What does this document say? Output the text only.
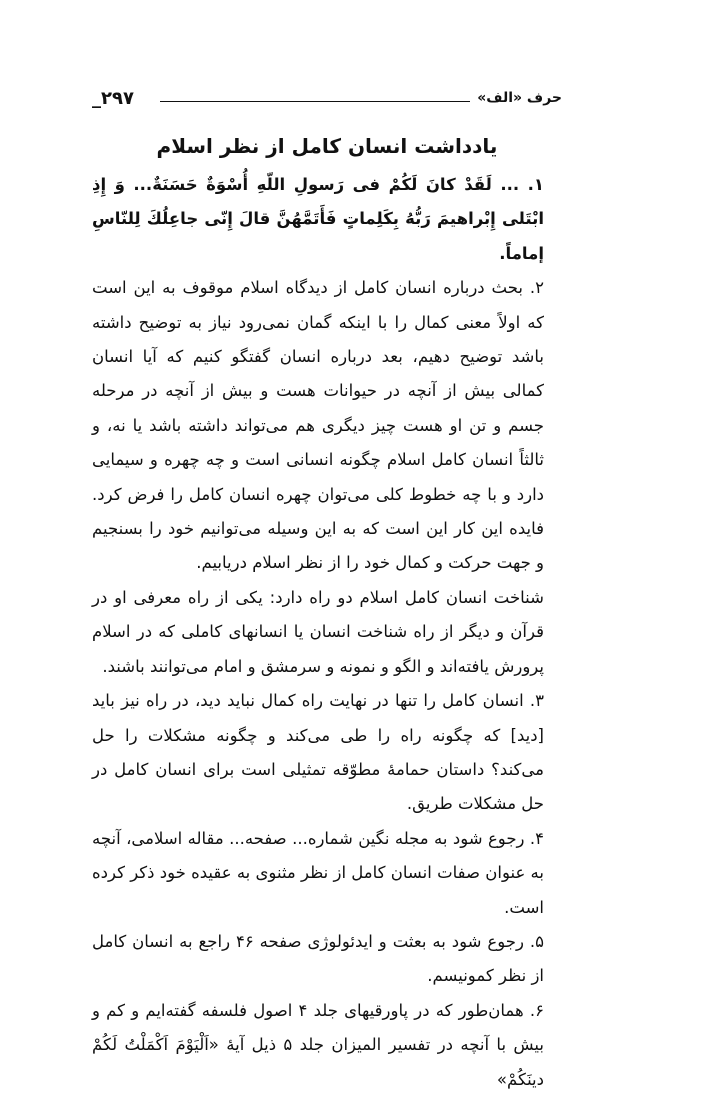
حرف «الف»
_٢٩٧
یادداشت انسان کامل از نظر اسلام

١. ... لَقَدْ كانَ لَكُمْ فی رَسولِ اللّهِ أُسْوَةٌ حَسَنَةٌ... وَ إِذِ ابْتَلى إِبْراهیمَ رَبُّهُ بِكَلِماتٍ فَأَتَمَّهُنَّ قالَ إِنّی جاعِلُكَ لِلنّاسِ إماماً.

٢. بحث درباره انسان کامل از دیدگاه اسلام موقوف به این است که اولاً معنی کمال را با اینکه گمان نمی‌رود نیاز به توضیح داشته باشد توضیح دهیم، بعد درباره انسان گفتگو کنیم که آیا انسان کمالی بیش از آنچه در حیوانات هست و بیش از آنچه در مرحله جسم و تن او هست چیز دیگری هم می‌تواند داشته باشد یا نه، و ثالثاً انسان کامل اسلام چگونه انسانی است و چه چهره و سیمایی دارد و با چه خطوط کلی می‌توان چهره انسان کامل را فرض کرد. فایده این کار این است که به این وسیله می‌توانیم خود را بسنجیم و جهت حرکت و کمال خود را از نظر اسلام دریابیم.

شناخت انسان کامل اسلام دو راه دارد: یکی از راه معرفی او در قرآن و دیگر از راه شناخت انسان یا انسانهای کاملی که در اسلام پرورش یافته‌اند و الگو و نمونه و سرمشق و امام می‌توانند باشند.

٣. انسان کامل را تنها در نهایت راه کمال نباید دید، در راه نیز باید [دید] که چگونه راه را طی می‌کند و چگونه مشکلات را حل می‌کند؟ داستان حمامهٔ مطوّقه تمثیلی است برای انسان کامل در حل مشکلات طریق.

۴. رجوع شود به مجله نگین شماره... صفحه... مقاله اسلامی، آنچه به عنوان صفات انسان کامل از نظر مثنوی به عقیده خود ذکر کرده است.

۵. رجوع شود به بعثت و ایدئولوژی صفحه ۴۶ راجع به انسان کامل از نظر کمونیسم.

۶. همان‌طور که در پاورقیهای جلد ۴ اصول فلسفه گفته‌ایم و کم و بیش با آنچه در تفسیر المیزان جلد ۵ ذیل آیهٔ «اَلْیَوْمَ اَكْمَلْتُ لَكُمْ دینَكُمْ»
